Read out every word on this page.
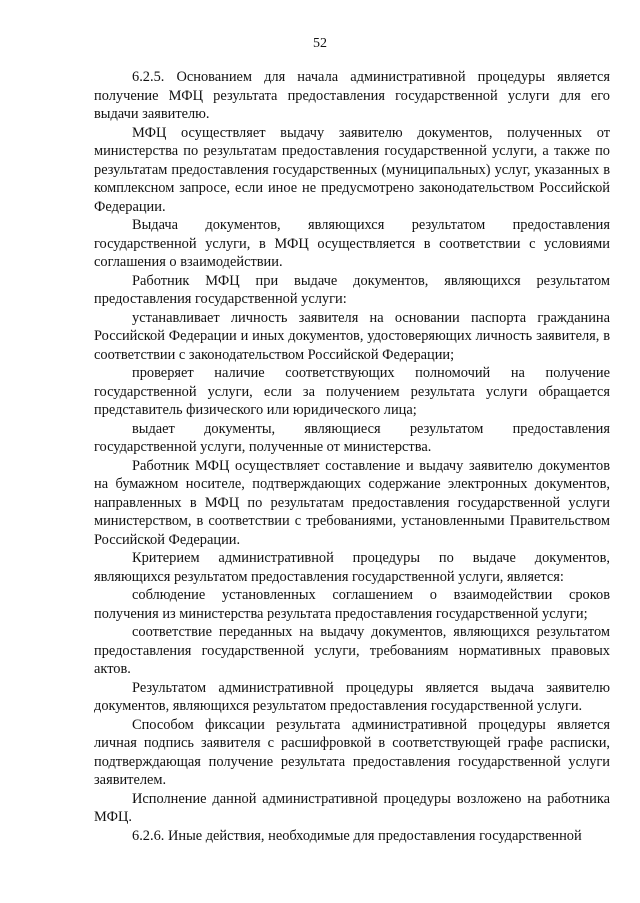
52

6.2.5. Основанием для начала административной процедуры является получение МФЦ результата предоставления государственной услуги для его выдачи заявителю.

МФЦ осуществляет выдачу заявителю документов, полученных от министерства по результатам предоставления государственной услуги, а также по результатам предоставления государственных (муниципальных) услуг, указанных в комплексном запросе, если иное не предусмотрено законодательством Российской Федерации.

Выдача документов, являющихся результатом предоставления государственной услуги, в МФЦ осуществляется в соответствии с условиями соглашения о взаимодействии.

Работник МФЦ при выдаче документов, являющихся результатом предоставления государственной услуги:

устанавливает личность заявителя на основании паспорта гражданина Российской Федерации и иных документов, удостоверяющих личность заявителя, в соответствии с законодательством Российской Федерации;

проверяет наличие соответствующих полномочий на получение государственной услуги, если за получением результата услуги обращается представитель физического или юридического лица;

выдает документы, являющиеся результатом предоставления государственной услуги, полученные от министерства.

Работник МФЦ осуществляет составление и выдачу заявителю документов на бумажном носителе, подтверждающих содержание электронных документов, направленных в МФЦ по результатам предоставления государственной услуги министерством, в соответствии с требованиями, установленными Правительством Российской Федерации.

Критерием административной процедуры по выдаче документов, являющихся результатом предоставления государственной услуги, является:

соблюдение установленных соглашением о взаимодействии сроков получения из министерства результата предоставления государственной услуги;

соответствие переданных на выдачу документов, являющихся результатом предоставления государственной услуги, требованиям нормативных правовых актов.

Результатом административной процедуры является выдача заявителю документов, являющихся результатом предоставления государственной услуги.

Способом фиксации результата административной процедуры является личная подпись заявителя с расшифровкой в соответствующей графе расписки, подтверждающая получение результата предоставления государственной услуги заявителем.

Исполнение данной административной процедуры возложено на работника МФЦ.

6.2.6. Иные действия, необходимые для предоставления государственной
